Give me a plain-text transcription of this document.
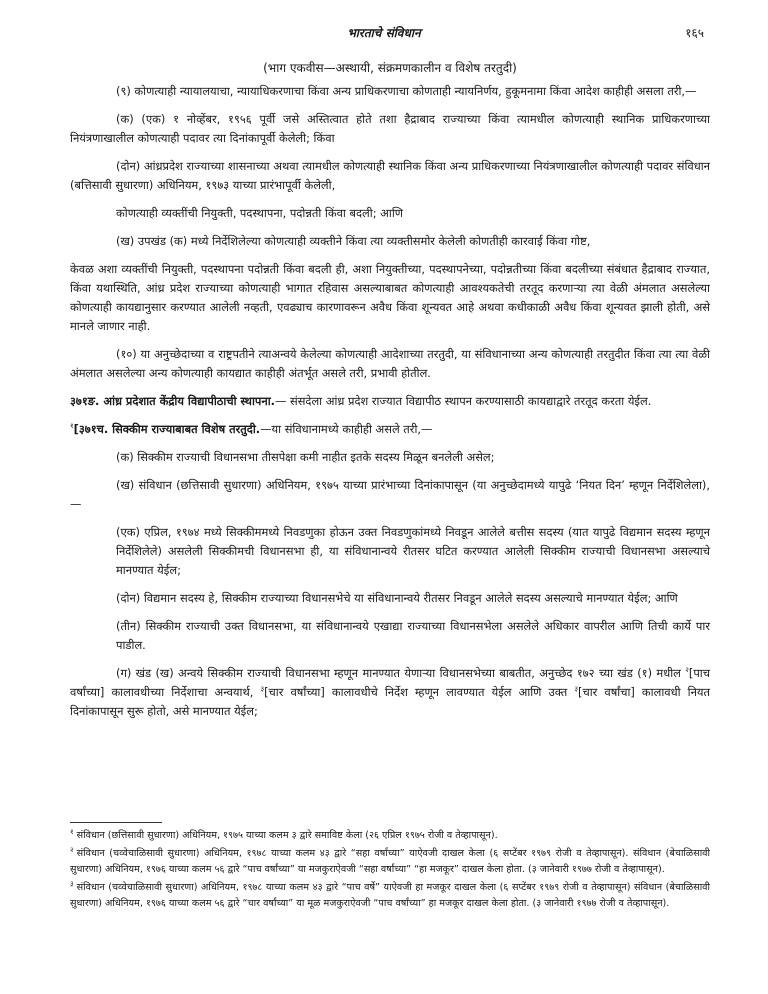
भारताचे संविधान	१६५
(भाग एकवीस—अस्थायी, संक्रमणकालीन व विशेष तरतुदी)

(९) कोणत्याही न्यायालयाचा, न्यायाधिकरणाचा किंवा अन्य प्राधिकरणाचा कोणताही न्यायनिर्णय, हुकूमनामा किंवा आदेश काहीही असला तरी,—

(क) (एक) १ नोव्हेंबर, १९५६ पूर्वी जसे अस्तित्वात होते तशा हैद्राबाद राज्याच्या किंवा त्यामधील कोणत्याही स्थानिक प्राधिकरणाच्या नियंत्रणाखालील कोणत्याही पदावर त्या दिनांकापूर्वी केलेली; किंवा

(दोन) आंध्रप्रदेश राज्याच्या शासनाच्या अथवा त्यामधील कोणत्याही स्थानिक किंवा अन्य प्राधिकरणाच्या नियंत्रणाखालील कोणत्याही पदावर संविधान (बत्तिसावी सुधारणा) अधिनियम, १९७३ याच्या प्रारंभापूर्वी केलेली,

कोणत्याही व्यक्तींची नियुक्ती, पदस्थापना, पदोन्नती किंवा बदली; आणि

(ख) उपखंड (क) मध्ये निर्देशिलेल्या कोणत्याही व्यक्तीने किंवा त्या व्यक्तीसमोर केलेली कोणतीही कारवाई किंवा गोष्ट,

केवळ अशा व्यक्तींची नियुक्ती, पदस्थापना पदोन्नती किंवा बदली ही, अशा नियुक्तीच्या, पदस्थापनेच्या, पदोन्नतीच्या किंवा बदलीच्या संबंधात हैद्राबाद राज्यात, किंवा यथास्थिति, आंध्र प्रदेश राज्याच्या कोणत्याही भागात रहिवास असल्याबाबत कोणत्याही आवश्यकतेची तरतूद करणाऱ्या त्या वेळी अंमलात असलेल्या कोणत्याही कायद्यानुसार करण्यात आलेली नव्हती, एवढ्याच कारणावरून अवैध किंवा शून्यवत आहे अथवा कधीकाळी अवैध किंवा शून्यवत झाली होती, असे मानले जाणार नाही.

(१०) या अनुच्छेदाच्या व राष्ट्रपतीने त्याअन्वये केलेल्या कोणत्याही आदेशाच्या तरतुदी, या संविधानाच्या अन्य कोणत्याही तरतुदीत किंवा त्या त्या वेळी अंमलात असलेल्या अन्य कोणत्याही कायद्यात काहीही अंतर्भूत असले तरी, प्रभावी होतील.

३७१ङ. आंध्र प्रदेशात केंद्रीय विद्यापीठाची स्थापना.— संसदेला आंध्र प्रदेश राज्यात विद्यापीठ स्थापन करण्यासाठी कायद्याद्वारे तरतूद करता येईल.

$^१$[३७१च. सिक्कीम राज्याबाबत विशेष तरतुदी.—या संविधानामध्ये काहीही असले तरी,—

(क) सिक्कीम राज्याची विधानसभा तीसपेक्षा कमी नाहीत इतके सदस्य मिळून बनलेली असेल;

(ख) संविधान (छत्तिसावी सुधारणा) अधिनियम, १९७५ याच्या प्रारंभाच्या दिनांकापासून (या अनुच्छेदामध्ये यापुढे ‘नियत दिन’ म्हणून निर्देशिलेला),—

(एक) एप्रिल, १९७४ मध्ये सिक्कीममध्ये निवडणुका होऊन उक्त निवडणुकांमध्ये निवडून आलेले बत्तीस सदस्य (यात यापुढे विद्यमान सदस्य म्हणून निर्देशिलेले) असलेली सिक्कीमची विधानसभा ही, या संविधानान्वये रीतसर घटित करण्यात आलेली सिक्कीम राज्याची विधानसभा असल्याचे मानण्यात येईल;

(दोन) विद्यमान सदस्य हे, सिक्कीम राज्याच्या विधानसभेचे या संविधानान्वये रीतसर निवडून आलेले सदस्य असल्याचे मानण्यात येईल; आणि

(तीन) सिक्कीम राज्याची उक्त विधानसभा, या संविधानान्वये एखाद्या राज्याच्या विधानसभेला असलेले अधिकार वापरील आणि तिची कार्ये पार पाडील.

(ग) खंड (ख) अन्वये सिक्कीम राज्याची विधानसभा म्हणून मानण्यात येणाऱ्या विधानसभेच्या बाबतीत, अनुच्छेद १७२ च्या खंड (१) मधील $^२$[पाच वर्षांच्या] कालावधीच्या निर्देशाचा अन्वयार्थ, $^३$[चार वर्षांच्या] कालावधीचे निर्देश म्हणून लावण्यात येईल आणि उक्त $^३$[चार वर्षांचा] कालावधी नियत दिनांकापासून सुरू होतो, असे मानण्यात येईल;

$^१$ संविधान (छत्तिसावी सुधारणा) अधिनियम, १९७५ याच्या कलम ३ द्वारे समाविष्ट केला (२६ एप्रिल १९७५ रोजी व तेव्हापासून).
$^२$ संविधान (चव्वेचाळिसावी सुधारणा) अधिनियम, १९७८ याच्या कलम ४३ द्वारे “सहा वर्षांच्या” याऐवजी दाखल केला (६ सप्टेंबर १९७९ रोजी व तेव्हापासून). संविधान (बेचाळिसावी सुधारणा) अधिनियम, १९७६ याच्या कलम ५६ द्वारे “पाच वर्षांच्या” या मजकुराऐवजी “सहा वर्षांच्या” “हा मजकूर” दाखल केला होता. (३ जानेवारी १९७७ रोजी व तेव्हापासून).
$^३$ संविधान (चव्वेचाळिसावी सुधारणा) अधिनियम, १९७८ याच्या कलम ४३ द्वारे “पाच वर्षे” याऐवजी हा मजकूर दाखल केला (६ सप्टेंबर १९७९ रोजी व तेव्हापासून) संविधान (बेचाळिसावी सुधारणा) अधिनियम, १९७६ याच्या कलम ५६ द्वारे “चार वर्षांच्या” या मूळ मजकुराऐवजी “पाच वर्षांच्या” हा मजकूर दाखल केला होता. (३ जानेवारी १९७७ रोजी व तेव्हापासून).
